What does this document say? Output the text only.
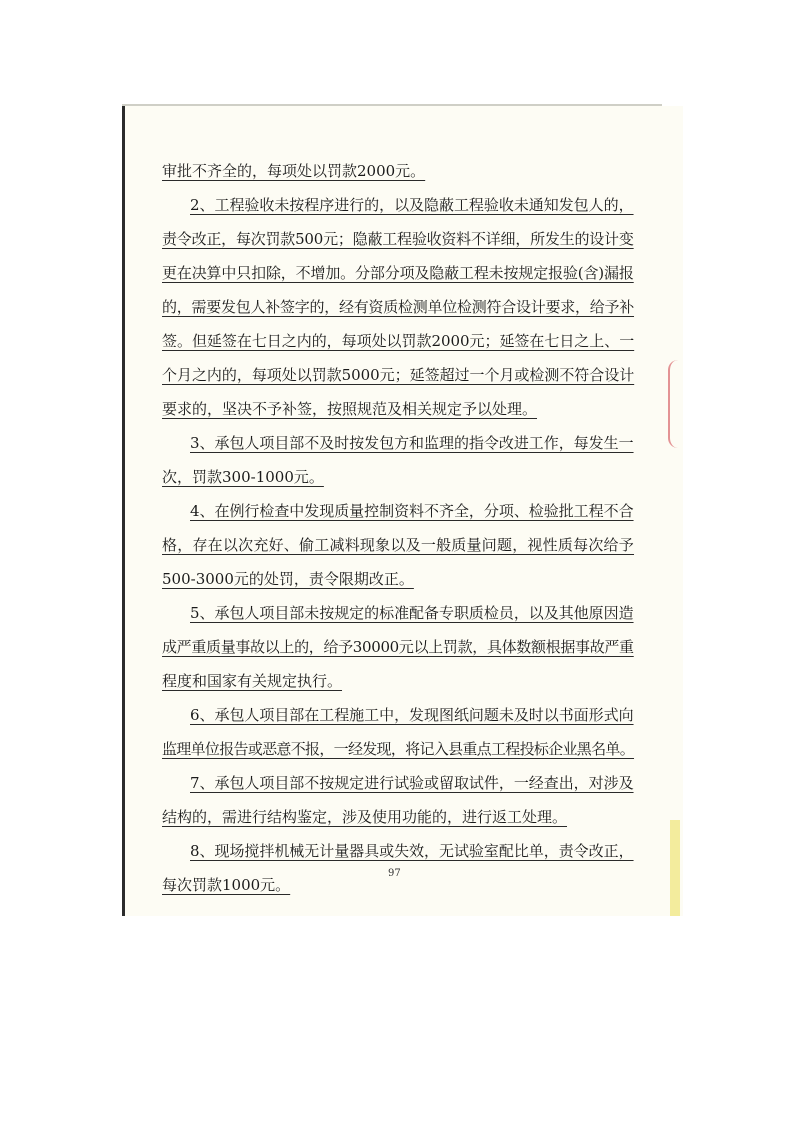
审批不齐全的，每项处以罚款2000元。
2、工程验收未按程序进行的，以及隐蔽工程验收未通知发包人的，
责令改正，每次罚款500元；隐蔽工程验收资料不详细，所发生的设计变
更在决算中只扣除，不增加。分部分项及隐蔽工程未按规定报验(含)漏报
的，需要发包人补签字的，经有资质检测单位检测符合设计要求，给予补
签。但延签在七日之内的，每项处以罚款2000元；延签在七日之上、一
个月之内的，每项处以罚款5000元；延签超过一个月或检测不符合设计
要求的，坚决不予补签，按照规范及相关规定予以处理。
3、承包人项目部不及时按发包方和监理的指令改进工作，每发生一
次，罚款300-1000元。
4、在例行检查中发现质量控制资料不齐全，分项、检验批工程不合
格，存在以次充好、偷工减料现象以及一般质量问题，视性质每次给予
500-3000元的处罚，责令限期改正。
5、承包人项目部未按规定的标准配备专职质检员，以及其他原因造
成严重质量事故以上的，给予30000元以上罚款，具体数额根据事故严重
程度和国家有关规定执行。
6、承包人项目部在工程施工中，发现图纸问题未及时以书面形式向
监理单位报告或恶意不报，一经发现，将记入县重点工程投标企业黑名单。
7、承包人项目部不按规定进行试验或留取试件，一经查出，对涉及
结构的，需进行结构鉴定，涉及使用功能的，进行返工处理。
8、现场搅拌机械无计量器具或失效，无试验室配比单，责令改正，
每次罚款1000元。
97
